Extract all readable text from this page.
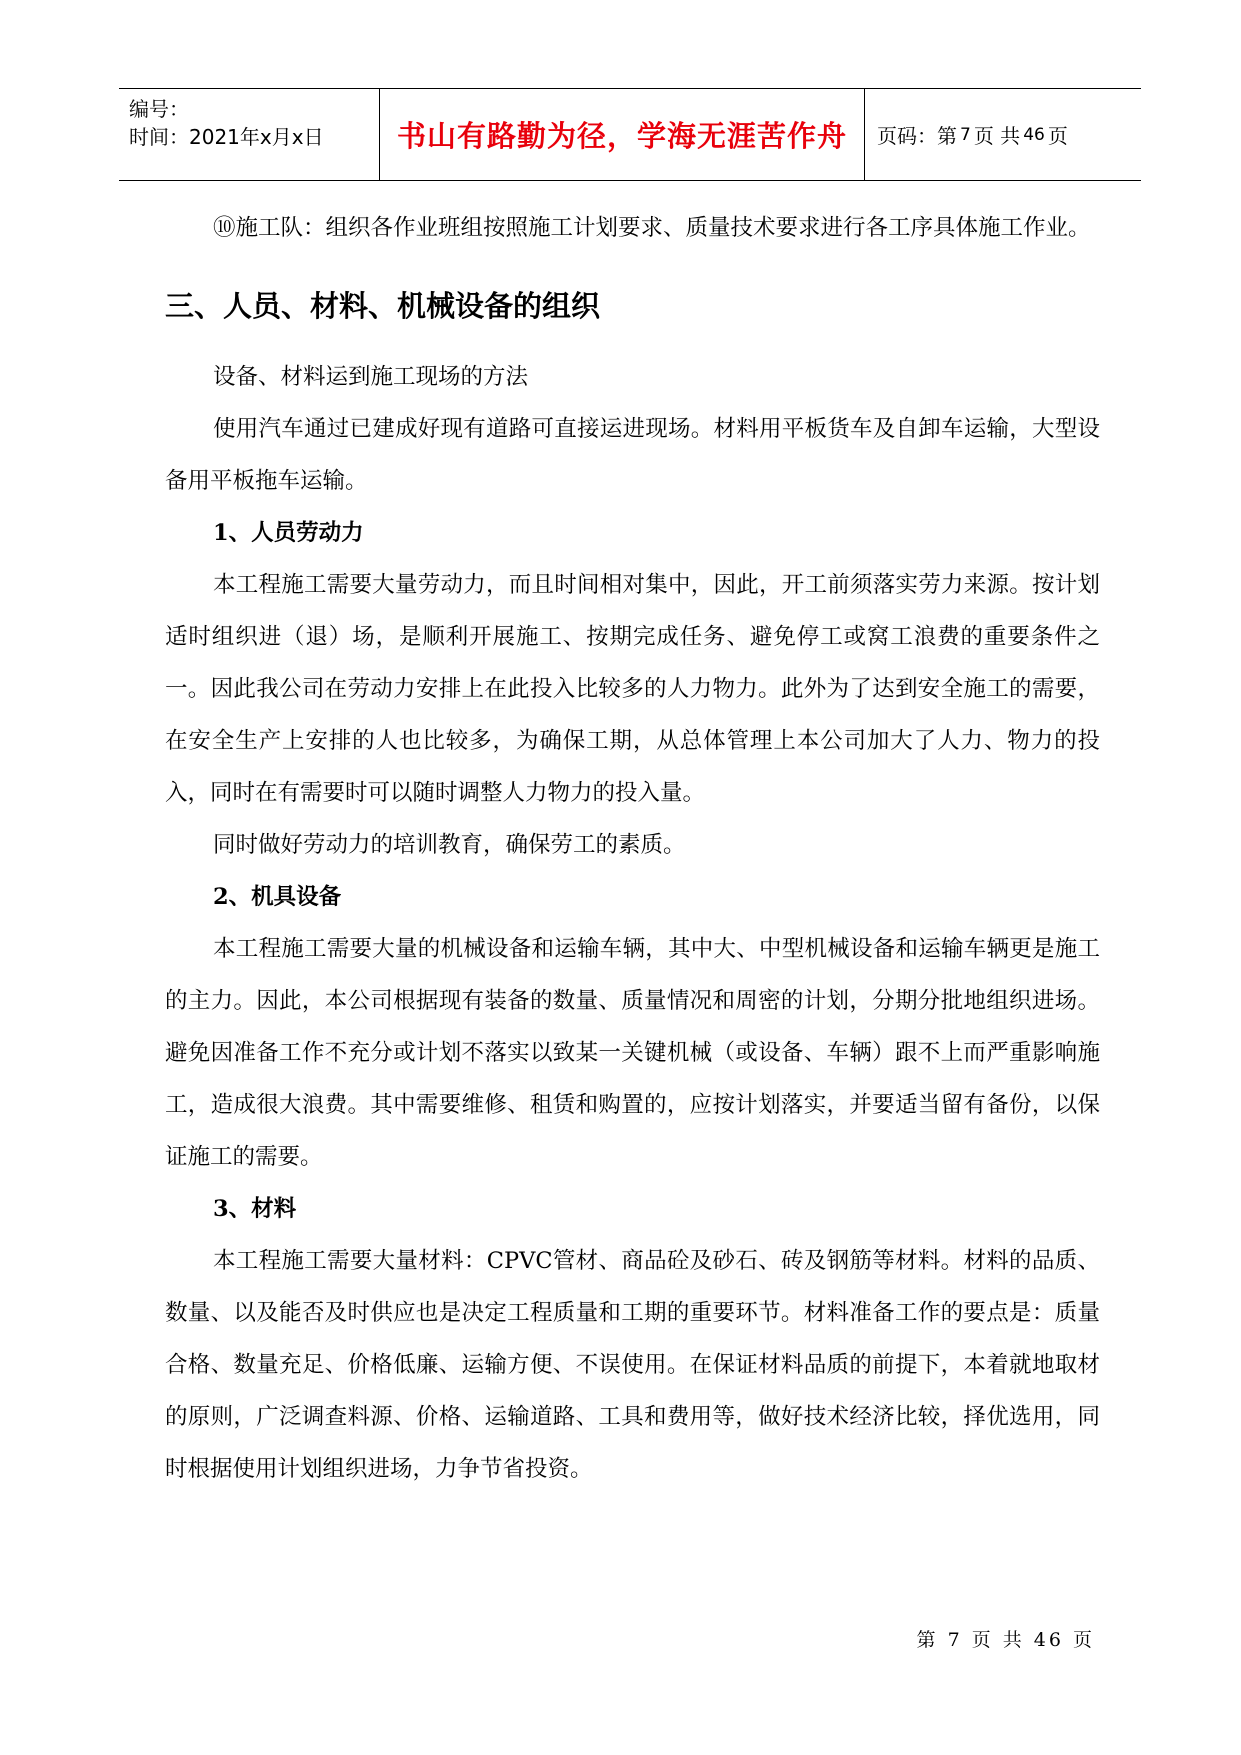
编号：
时间：2021年x月x日	书山有路勤为径，学海无涯苦作舟 页码：第 7 页 共 46 页

⑩施工队：组织各作业班组按照施工计划要求、质量技术要求进行各工序具体施工作业。

三、人员、材料、机械设备的组织

设备、材料运到施工现场的方法

使用汽车通过已建成好现有道路可直接运进现场。材料用平板货车及自卸车运输，大型设备用平板拖车运输。

1、人员劳动力

本工程施工需要大量劳动力，而且时间相对集中，因此，开工前须落实劳力来源。按计划适时组织进（退）场，是顺利开展施工、按期完成任务、避免停工或窝工浪费的重要条件之一。因此我公司在劳动力安排上在此投入比较多的人力物力。此外为了达到安全施工的需要，在安全生产上安排的人也比较多，为确保工期，从总体管理上本公司加大了人力、物力的投入，同时在有需要时可以随时调整人力物力的投入量。

同时做好劳动力的培训教育，确保劳工的素质。

2、机具设备

本工程施工需要大量的机械设备和运输车辆，其中大、中型机械设备和运输车辆更是施工的主力。因此，本公司根据现有装备的数量、质量情况和周密的计划，分期分批地组织进场。避免因准备工作不充分或计划不落实以致某一关键机械（或设备、车辆）跟不上而严重影响施工，造成很大浪费。其中需要维修、租赁和购置的，应按计划落实，并要适当留有备份，以保证施工的需要。

3、材料

本工程施工需要大量材料：CPVC管材、商品砼及砂石、砖及钢筋等材料。材料的品质、数量、以及能否及时供应也是决定工程质量和工期的重要环节。材料准备工作的要点是：质量合格、数量充足、价格低廉、运输方便、不误使用。在保证材料品质的前提下，本着就地取材的原则，广泛调查料源、价格、运输道路、工具和费用等，做好技术经济比较，择优选用，同时根据使用计划组织进场，力争节省投资。

第 7 页 共 46 页
